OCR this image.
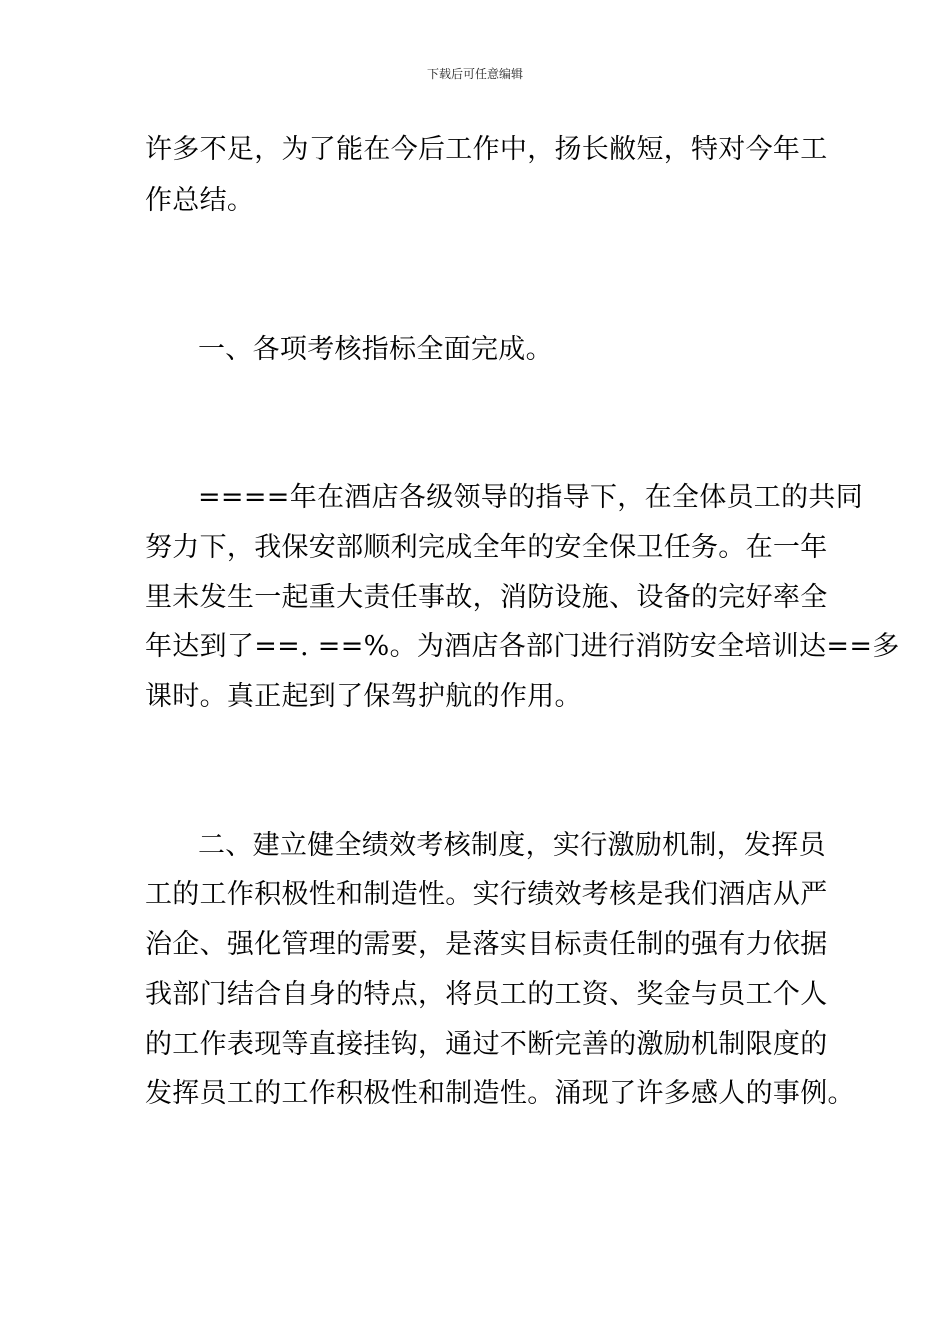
下载后可任意编辑
许多不足，为了能在今后工作中，扬长敝短，特对今年工
作总结。
一、各项考核指标全面完成。
====年在酒店各级领导的指导下，在全体员工的共同
努力下，我保安部顺利完成全年的安全保卫任务。在一年
里未发生一起重大责任事故，消防设施、设备的完好率全
年达到了==. ==%。为酒店各部门进行消防安全培训达==多
课时。真正起到了保驾护航的作用。
二、建立健全绩效考核制度，实行激励机制，发挥员
工的工作积极性和制造性。实行绩效考核是我们酒店从严
治企、强化管理的需要，是落实目标责任制的强有力依据
我部门结合自身的特点，将员工的工资、奖金与员工个人
的工作表现等直接挂钩，通过不断完善的激励机制限度的
发挥员工的工作积极性和制造性。涌现了许多感人的事例。
